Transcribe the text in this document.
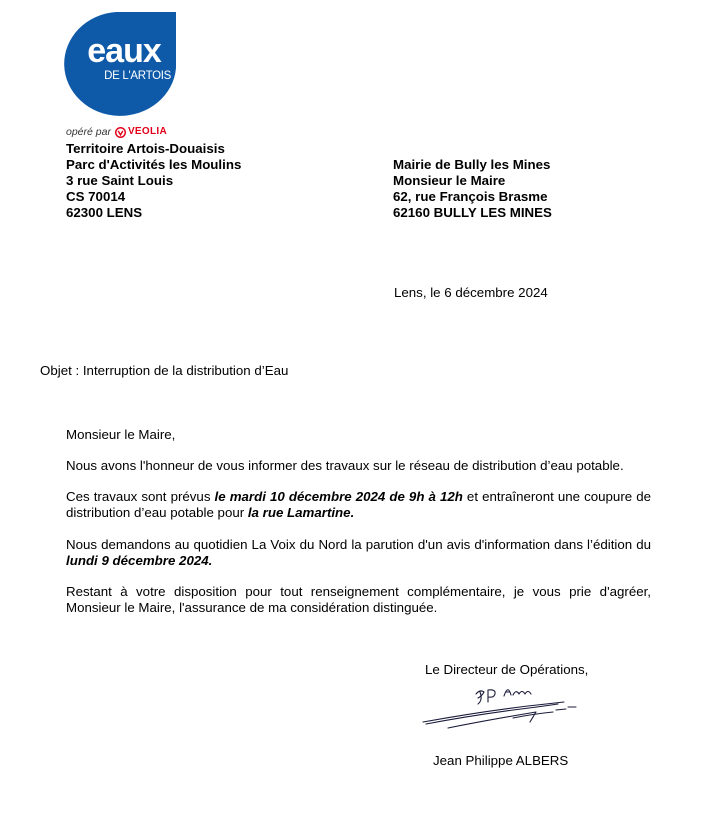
eaux
DE L'ARTOIS
opéré par VEOLIA
Territoire Artois-Douaisis
Parc d'Activités les Moulins
3 rue Saint Louis
CS 70014
62300 LENS
Mairie de Bully les Mines
Monsieur le Maire
62, rue François Brasme
62160 BULLY LES MINES
Lens, le 6 décembre 2024
Objet : Interruption de la distribution d’Eau
Monsieur le Maire,
Nous avons l'honneur de vous informer des travaux sur le réseau de distribution d’eau potable.
Ces travaux sont prévus le mardi 10 décembre 2024 de 9h à 12h et entraîneront une coupure de distribution d’eau potable pour la rue Lamartine.
Nous demandons au quotidien La Voix du Nord la parution d'un avis d'information dans l’édition du lundi 9 décembre 2024.
Restant à votre disposition pour tout renseignement complémentaire, je vous prie d'agréer, Monsieur le Maire, l'assurance de ma considération distinguée.
Le Directeur de Opérations,
Jean Philippe ALBERS
